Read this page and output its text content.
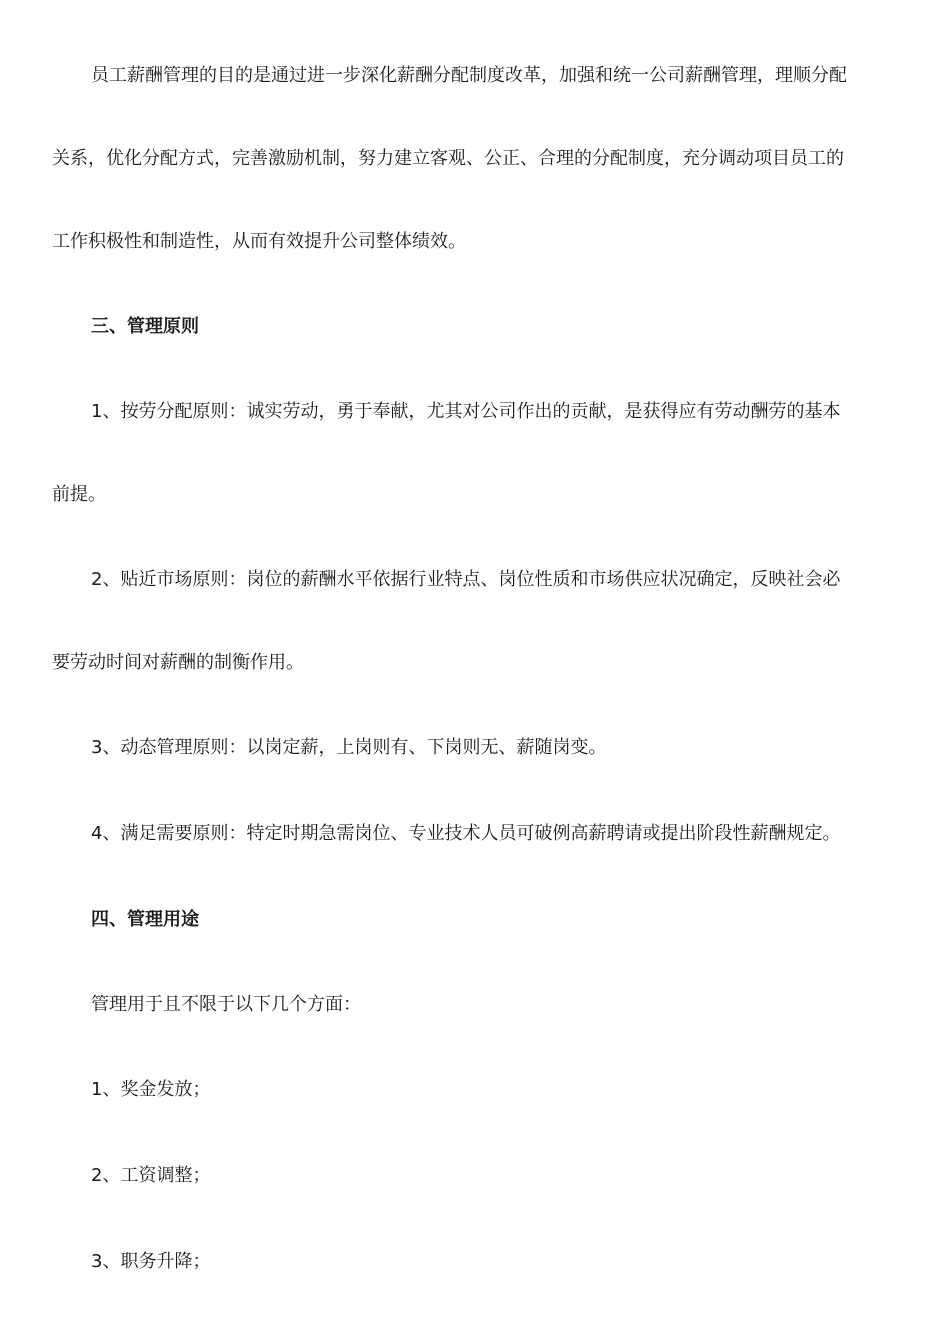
员工薪酬管理的目的是通过进一步深化薪酬分配制度改革，加强和统一公司薪酬管理，理顺分配
关系，优化分配方式，完善激励机制，努力建立客观、公正、合理的分配制度，充分调动项目员工的
工作积极性和制造性，从而有效提升公司整体绩效。
三、管理原则
1、按劳分配原则：诚实劳动，勇于奉献，尤其对公司作出的贡献，是获得应有劳动酬劳的基本
前提。
2、贴近市场原则：岗位的薪酬水平依据行业特点、岗位性质和市场供应状况确定，反映社会必
要劳动时间对薪酬的制衡作用。
3、动态管理原则：以岗定薪，上岗则有、下岗则无、薪随岗变。
4、满足需要原则：特定时期急需岗位、专业技术人员可破例高薪聘请或提出阶段性薪酬规定。
四、管理用途
管理用于且不限于以下几个方面：
1、奖金发放；
2、工资调整；
3、职务升降；
